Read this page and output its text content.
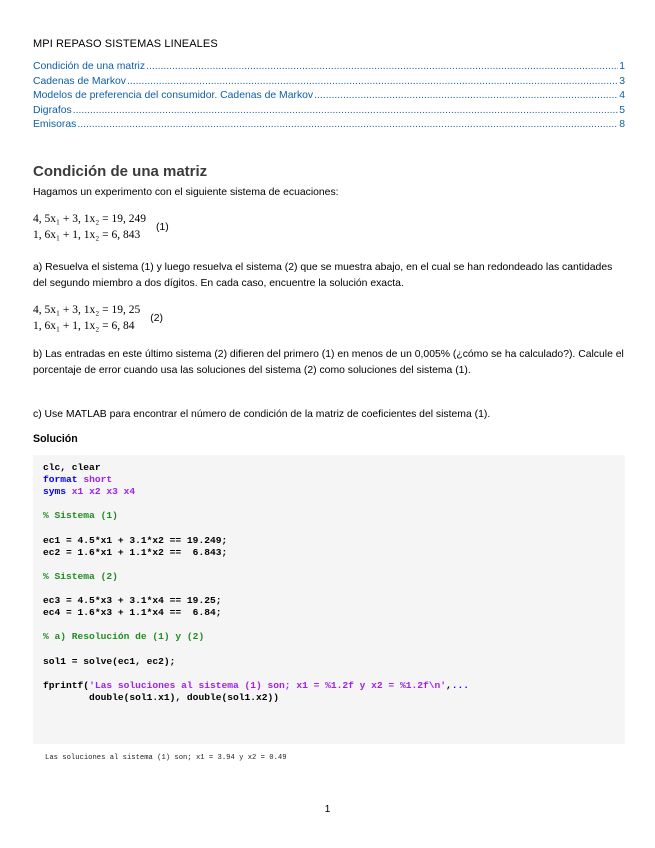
MPI REPASO SISTEMAS LINEALES
Condición de una matriz .....	1
Cadenas de Markov .....	3
Modelos de preferencia del consumidor. Cadenas de Markov .....	4
Digrafos .....	5
Emisoras .....	8
Condición de una matriz

Hagamos un experimento con el siguiente sistema de ecuaciones:

4, 5x₁ + 3, 1x₂ = 19, 249
1, 6x₁ + 1, 1x₂ = 6, 843
(1)

a) Resuelva el sistema (1) y luego resuelva el sistema (2) que se muestra abajo, en el cual se han redondeado las cantidades del segundo miembro a dos dígitos. En cada caso, encuentre la solución exacta.

4, 5x₁ + 3, 1x₂ = 19, 25
1, 6x₁ + 1, 1x₂ = 6, 84
(2)

b) Las entradas en este último sistema (2) difieren del primero (1) en menos de un 0,005% (¿cómo se ha calculado?). Calcule el porcentaje de error cuando usa las soluciones del sistema (2) como soluciones del sistema (1).

c) Use MATLAB para encontrar el número de condición de la matriz de coeficientes del sistema (1).

Solución
clc, clear
format short
syms x1 x2 x3 x4

% Sistema (1)

ec1 = 4.5*x1 + 3.1*x2 == 19.249;
ec2 = 1.6*x1 + 1.1*x2 ==  6.843;

% Sistema (2)

ec3 = 4.5*x3 + 3.1*x4 == 19.25;
ec4 = 1.6*x3 + 1.1*x4 ==  6.84;

% a) Resolución de (1) y (2)

sol1 = solve(ec1, ec2);

fprintf('Las soluciones al sistema (1) son; x1 = %1.2f y x2 = %1.2f\n',...
double(sol1.x1), double(sol1.x2))
Las soluciones al sistema (1) son; x1 = 3.94 y x2 = 0.49
1
